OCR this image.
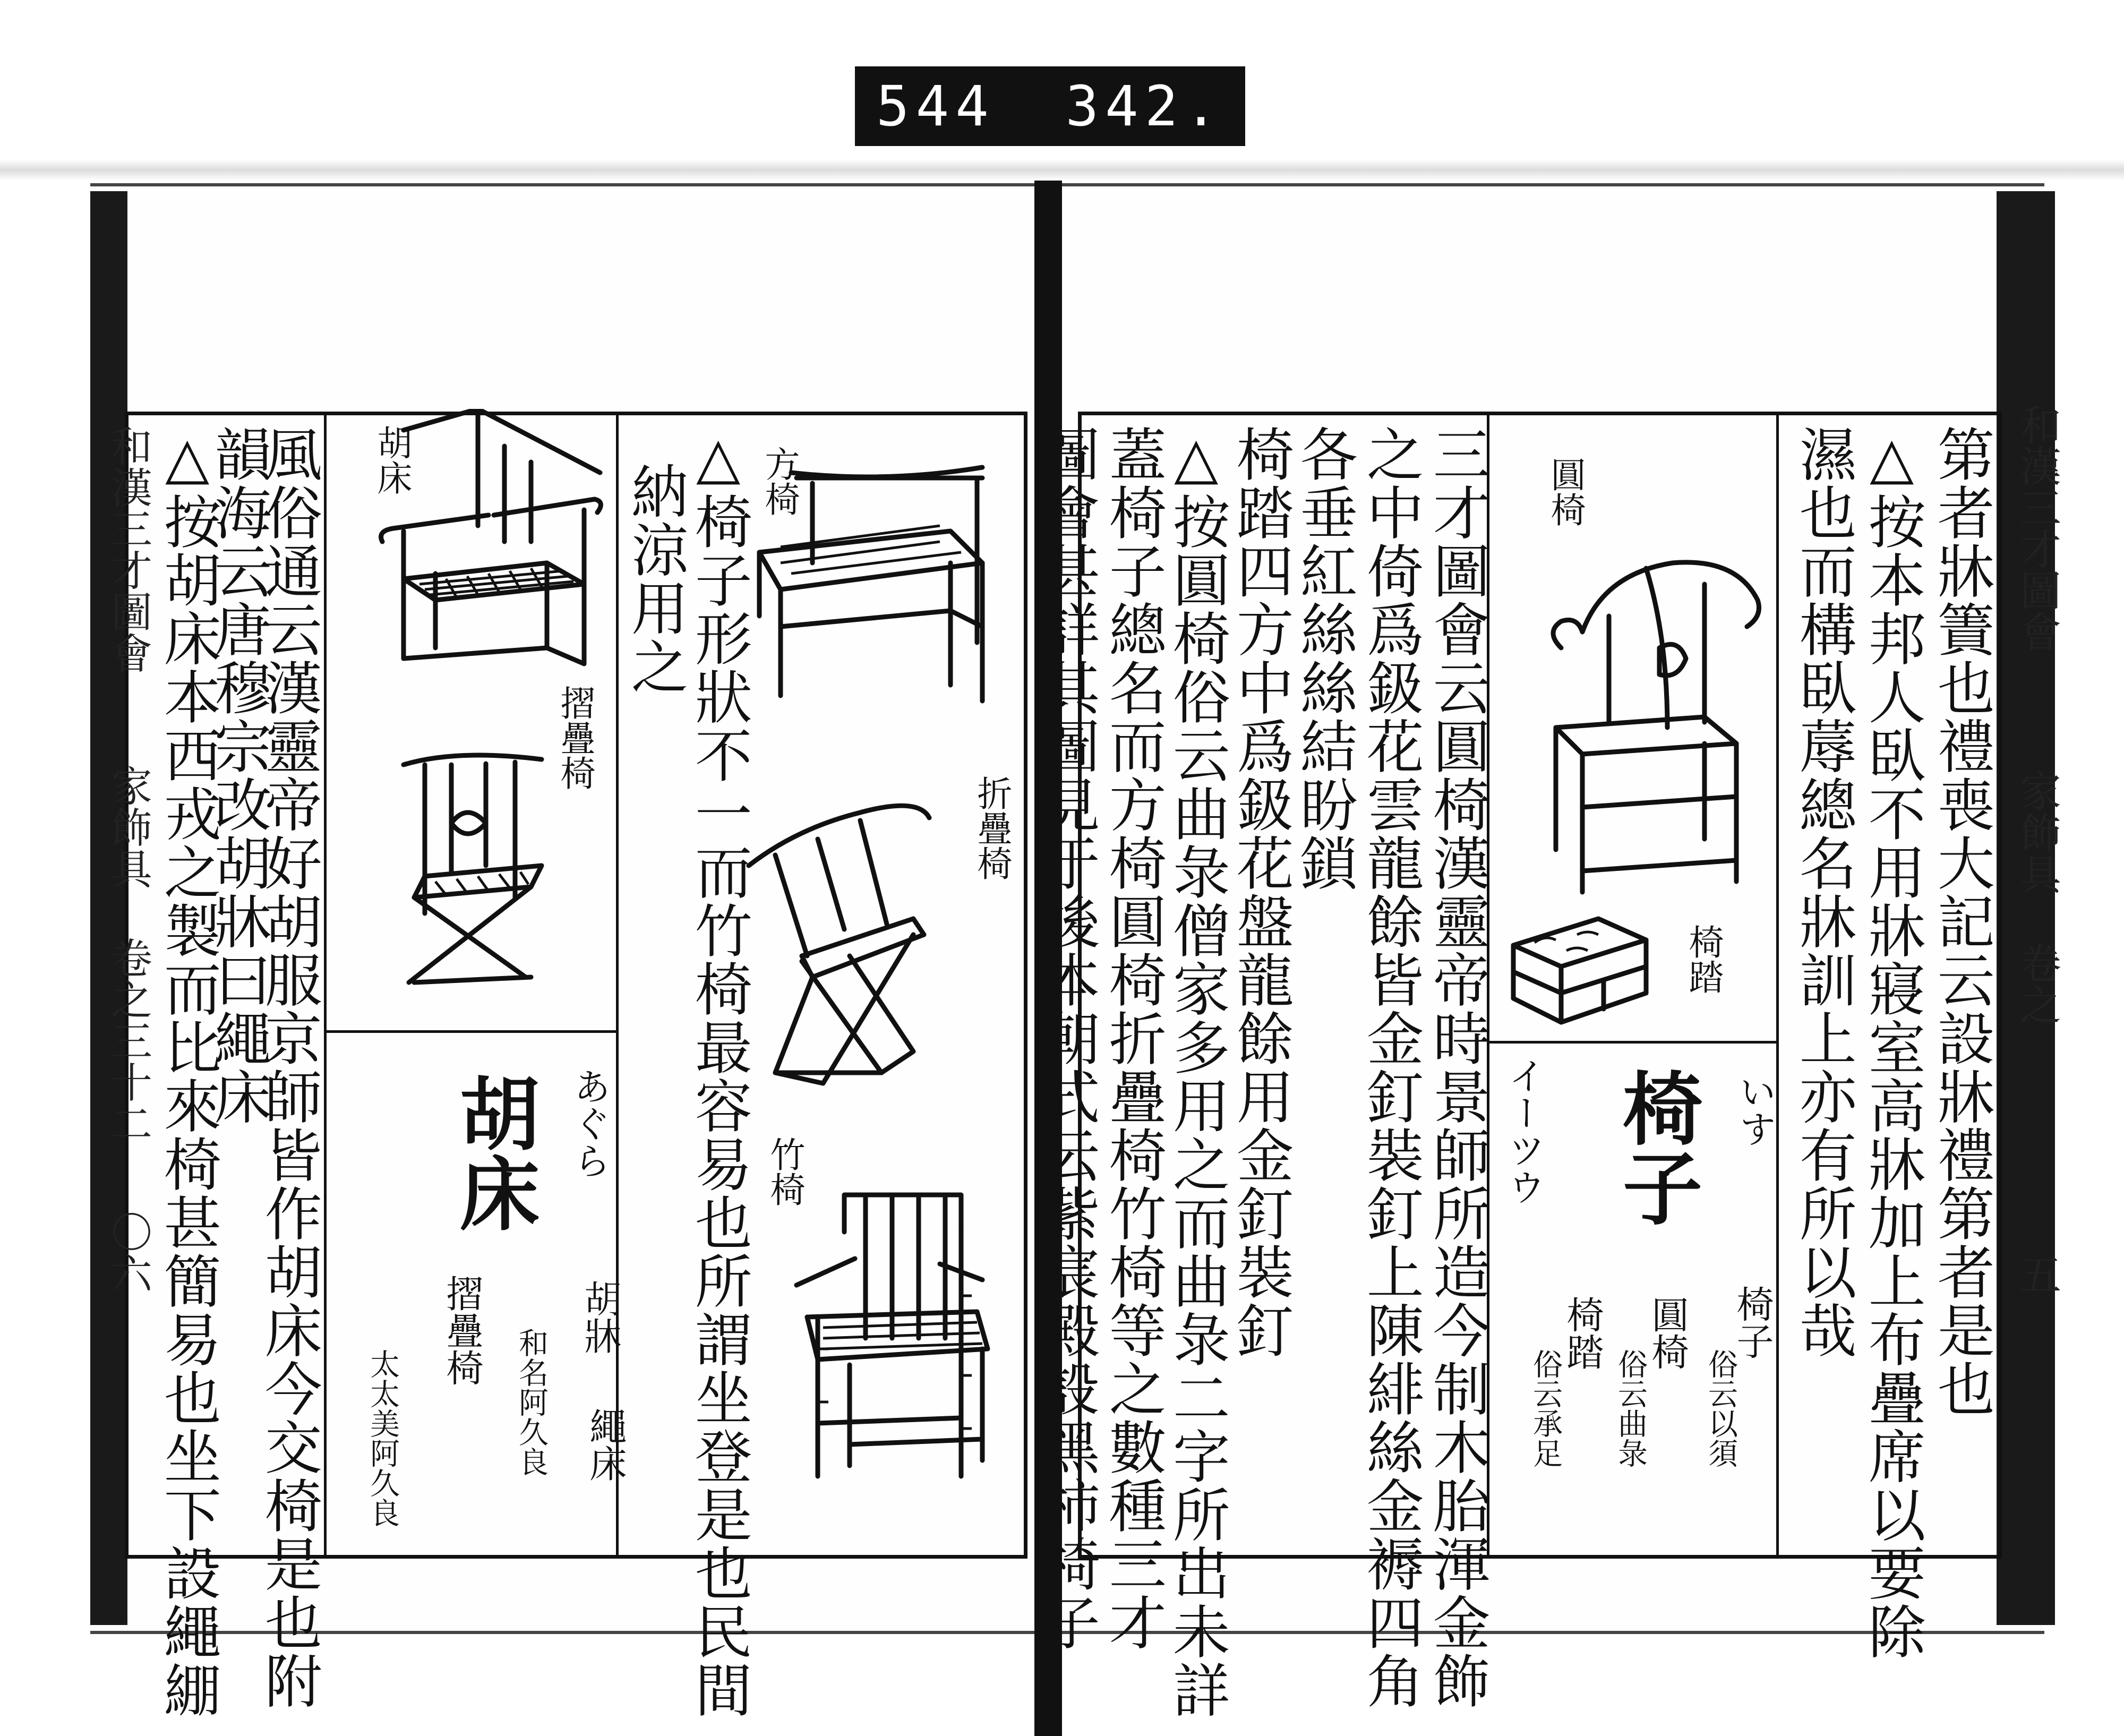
544 342.
和漢三才圖會
家飾具 卷之三十二
〇六 △按胡床本西戎之製而比來椅甚簡易也坐下設繩綳 風俗通云漢靈帝好胡服京師皆作胡床今交椅是也附
韻海云唐穆宗改胡牀曰繩床	△椅子形狀不一而竹椅最容易也所謂坐登是也民間
納涼用之
胡床
摺疊椅
方椅
折疊椅
竹椅
胡床 あぐら
胡牀
繩床
和名阿久良
摺疊椅
太太美阿久良
和漢三才圖會
家飾具 卷之
五
第者牀簀也禮喪大記云設牀禮第者是也
△按本邦人臥不用牀寢室高牀加上布疊席以要除
濕也而構臥蓐總名牀訓上亦有所以哉
圓椅
椅踏
椅子
イーツウ	いす
椅子
俗云以須
圓椅
俗云曲彔
椅踏
俗云承足
三才圖會云圓椅漢靈帝時景師所造今制木胎渾金飾
之中倚爲鈒花雲龍餘皆金釘裝釘上陳緋絲金褥四角
各垂紅絲絲結盼鎖
椅踏四方中爲鈒花盤龍餘用金釘裝釘
△按圓椅俗云曲彔僧家多用之而曲彔二字所出未詳
蓋椅子總名而方椅圓椅折疊椅竹椅等之數種三才
圖會甚詳其圖見于後本朝式云紫宸殿設黑柿椅子
